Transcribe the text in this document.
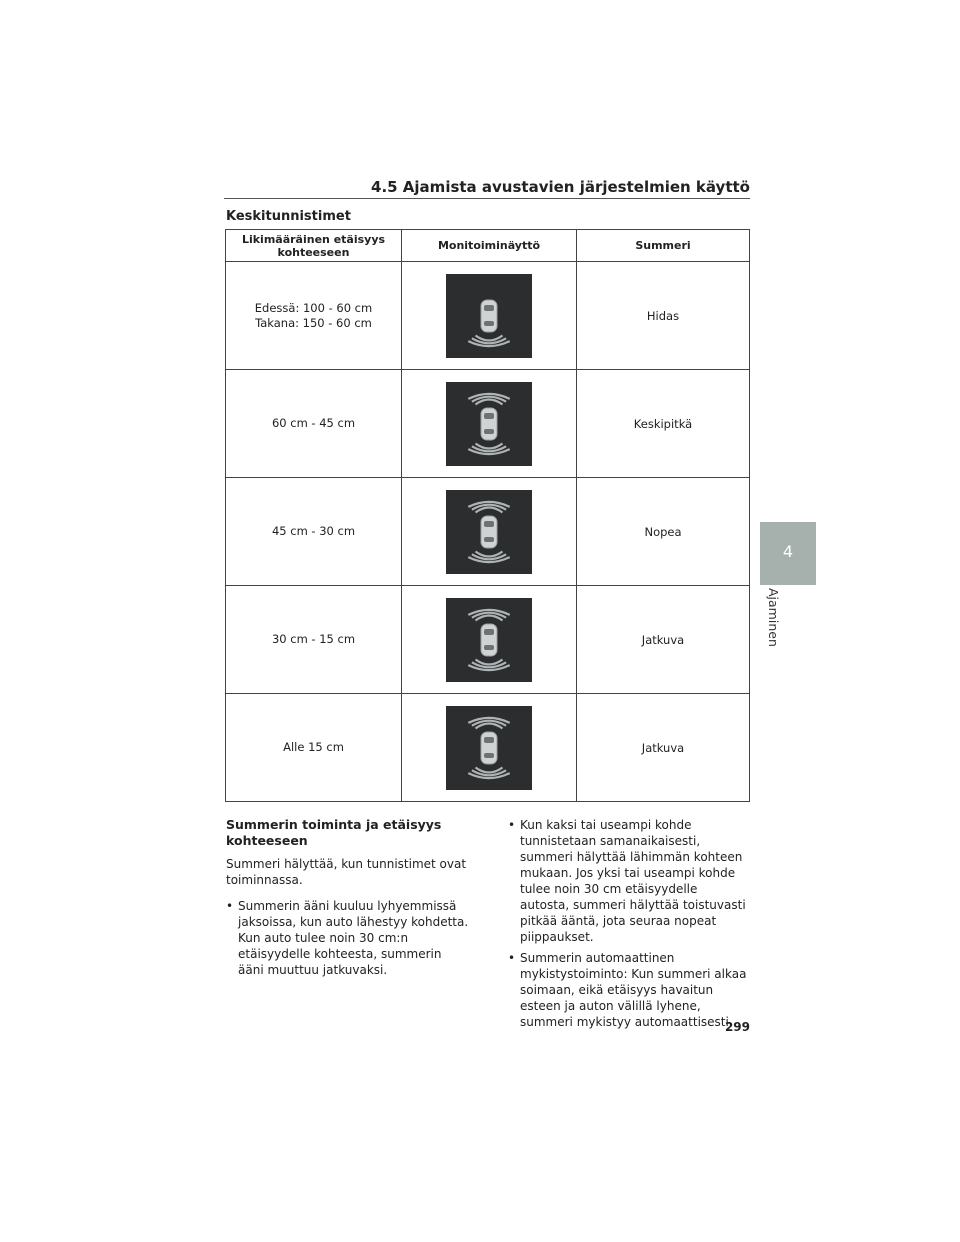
4.5 Ajamista avustavien järjestelmien käyttö
4
Ajaminen
Keskitunnistimet
Likimääräinen etäisyys kohteeseen	Monitoiminäyttö	Summeri

Edessä: 100 - 60 cm
Takana: 150 - 60 cm		Hidas

60 cm - 45 cm		Keskipitkä

45 cm - 30 cm		Nopea

30 cm - 15 cm		Jatkuva

Alle 15 cm		Jatkuva
Summerin toiminta ja etäisyys kohteeseen
Summeri hälyttää, kun tunnistimet ovat toiminnassa.
• Summerin ääni kuuluu lyhyemmissä jaksoissa, kun auto lähestyy kohdetta. Kun auto tulee noin 30 cm:n etäisyydelle kohteesta, summerin ääni muuttuu jatkuvaksi.
• Kun kaksi tai useampi kohde tunnistetaan samanaikaisesti, summeri hälyttää lähimmän kohteen mukaan. Jos yksi tai useampi kohde tulee noin 30 cm etäisyydelle autosta, summeri hälyttää toistuvasti pitkää ääntä, jota seuraa nopeat piippaukset.
• Summerin automaattinen mykistystoiminto: Kun summeri alkaa soimaan, eikä etäisyys havaitun esteen ja auton välillä lyhene, summeri mykistyy automaattisesti.
299
